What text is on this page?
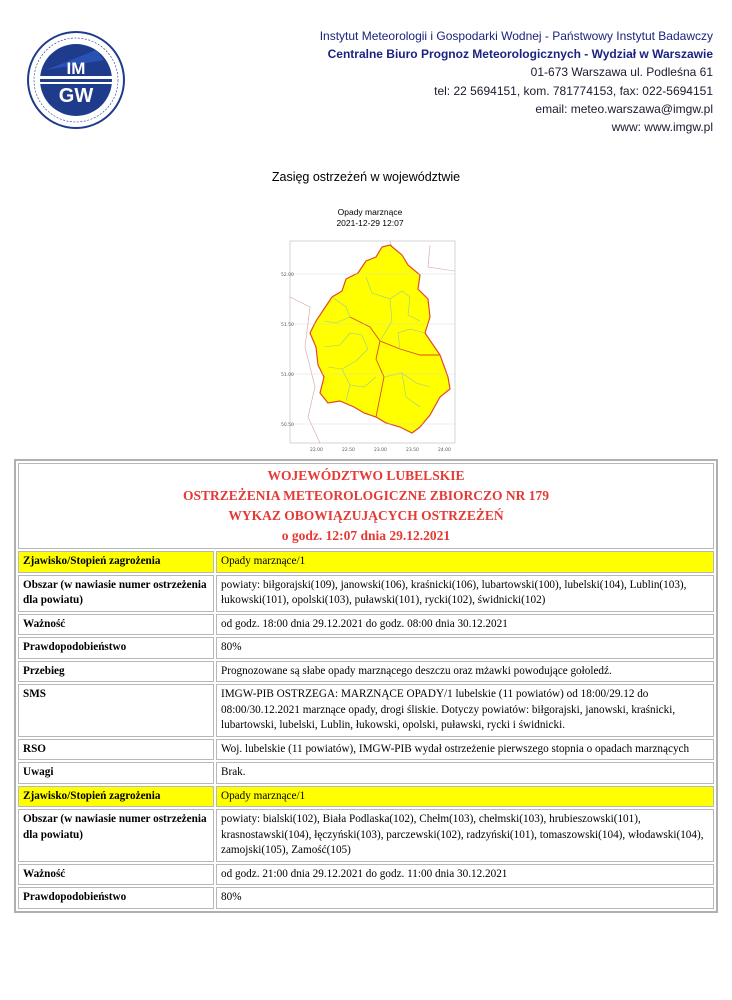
IM
GW
Instytut Meteorologii i Gospodarki Wodnej - Państwowy Instytut Badawczy
Centralne Biuro Prognoz Meteorologicznych - Wydział w Warszawie
01-673 Warszawa ul. Podleśna 61
tel: 22 5694151, kom. 781774153, fax: 022-5694151
email: meteo.warszawa@imgw.pl
www: www.imgw.pl
Zasięg ostrzeżeń w województwie
Opady marznące
2021-12-29 12:07
52.00
51.50
51.00
50.50
22.00	22.50	23.00	23.50	24.00
WOJEWÓDZTWO LUBELSKIE
OSTRZEŻENIA METEOROLOGICZNE ZBIORCZO NR 179
WYKAZ OBOWIĄZUJĄCYCH OSTRZEŻEŃ
o godz. 12:07 dnia 29.12.2021	

Zjawisko/Stopień zagrożenia	Opady marznące/1
Obszar (w nawiasie numer ostrzeżenia dla powiatu)	powiaty: biłgorajski(109), janowski(106), kraśnicki(106), lubartowski(100), lubelski(104), Lublin(103), łukowski(101), opolski(103), puławski(101), rycki(102), świdnicki(102)
Ważność	od godz. 18:00 dnia 29.12.2021 do godz. 08:00 dnia 30.12.2021
Prawdopodobieństwo	80%
Przebieg	Prognozowane są słabe opady marznącego deszczu oraz mżawki powodujące gołoledź.
SMS	IMGW-PIB OSTRZEGA: MARZNĄCE OPADY/1 lubelskie (11 powiatów) od 18:00/29.12 do 08:00/30.12.2021 marznące opady, drogi śliskie. Dotyczy powiatów: biłgorajski, janowski, kraśnicki, lubartowski, lubelski, Lublin, łukowski, opolski, puławski, rycki i świdnicki.
RSO	Woj. lubelskie (11 powiatów), IMGW-PIB wydał ostrzeżenie pierwszego stopnia o opadach marznących
Uwagi	Brak.
Zjawisko/Stopień zagrożenia	Opady marznące/1
Obszar (w nawiasie numer ostrzeżenia dla powiatu)	powiaty: bialski(102), Biała Podlaska(102), Chełm(103), chełmski(103), hrubieszowski(101), krasnostawski(104), łęczyński(103), parczewski(102), radzyński(101), tomaszowski(104), włodawski(104), zamojski(105), Zamość(105)
Ważność	od godz. 21:00 dnia 29.12.2021 do godz. 11:00 dnia 30.12.2021
Prawdopodobieństwo	80%
